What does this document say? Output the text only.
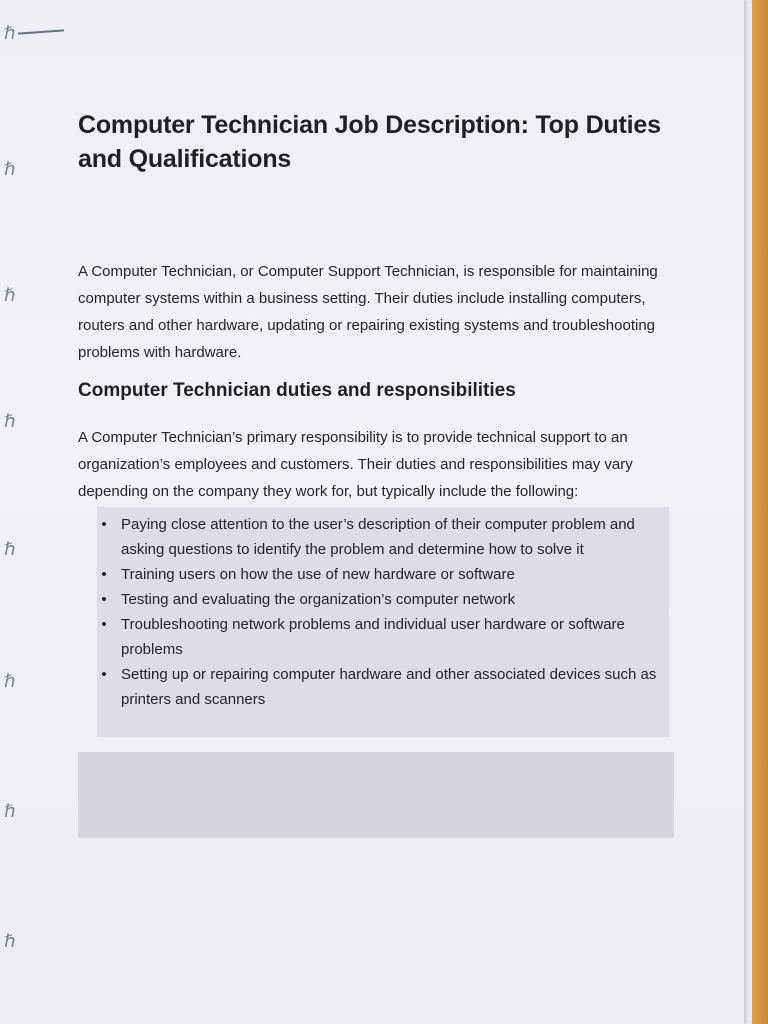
ℏ
ℏ
ℏ
ℏ
ℏ
ℏ
ℏ
ℏ
Computer Technician Job Description: Top Duties and Qualifications

A Computer Technician, or Computer Support Technician, is responsible for maintaining computer systems within a business setting. Their duties include installing computers, routers and other hardware, updating or repairing existing systems and troubleshooting problems with hardware.

Computer Technician duties and responsibilities

A Computer Technician’s primary responsibility is to provide technical support to an organization’s employees and customers. Their duties and responsibilities may vary depending on the company they work for, but typically include the following:

• Paying close attention to the user’s description of their computer problem and asking questions to identify the problem and determine how to solve it
• Training users on how the use of new hardware or software
• Testing and evaluating the organization’s computer network
• Troubleshooting network problems and individual user hardware or software problems
• Setting up or repairing computer hardware and other associated devices such as printers and scanners
